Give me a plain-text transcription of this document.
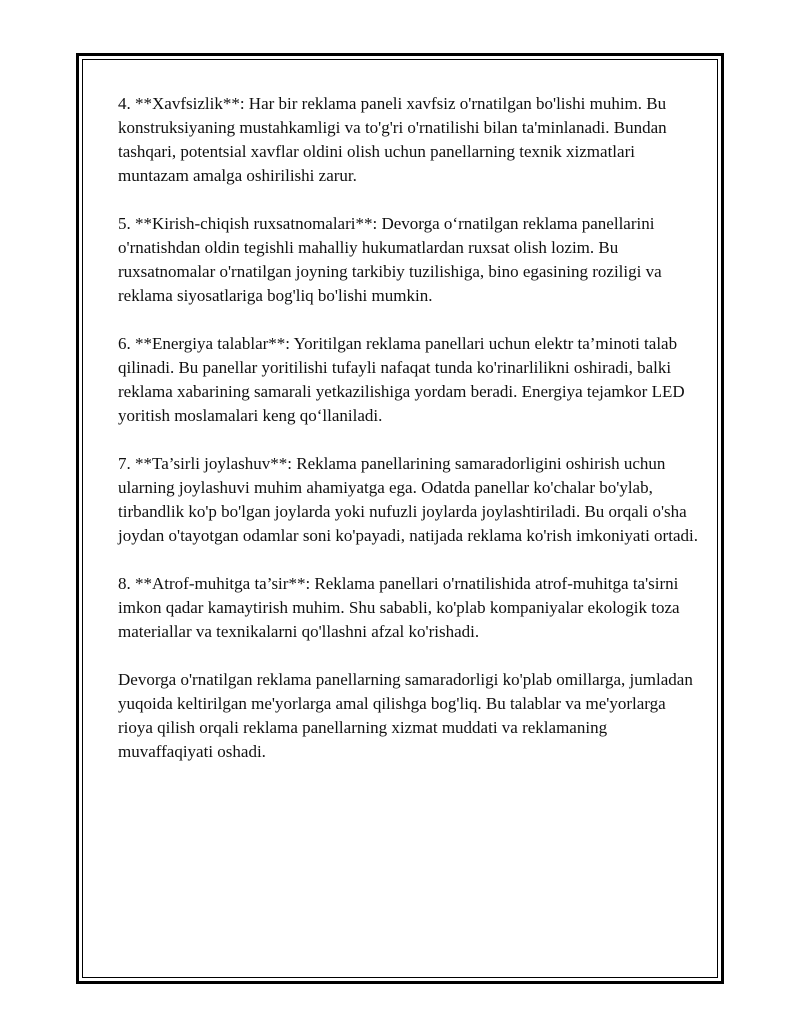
4. **Xavfsizlik**: Har bir reklama paneli xavfsiz o'rnatilgan bo'lishi muhim. Bu konstruksiyaning mustahkamligi va to'g'ri o'rnatilishi bilan ta'minlanadi. Bundan tashqari, potentsial xavflar oldini olish uchun panellarning texnik xizmatlari muntazam amalga oshirilishi zarur.

5. **Kirish-chiqish ruxsatnomalari**: Devorga o‘rnatilgan reklama panellarini o'rnatishdan oldin tegishli mahalliy hukumatlardan ruxsat olish lozim. Bu ruxsatnomalar o'rnatilgan joyning tarkibiy tuzilishiga, bino egasining roziligi va reklama siyosatlariga bog'liq bo'lishi mumkin.

6. **Energiya talablar**: Yoritilgan reklama panellari uchun elektr ta’minoti talab qilinadi. Bu panellar yoritilishi tufayli nafaqat tunda ko'rinarlilikni oshiradi, balki reklama xabarining samarali yetkazilishiga yordam beradi. Energiya tejamkor LED yoritish moslamalari keng qo‘llaniladi.

7. **Ta’sirli joylashuv**: Reklama panellarining samaradorligini oshirish uchun ularning joylashuvi muhim ahamiyatga ega. Odatda panellar ko'chalar bo'ylab, tirbandlik ko'p bo'lgan joylarda yoki nufuzli joylarda joylashtiriladi. Bu orqali o'sha joydan o'tayotgan odamlar soni ko'payadi, natijada reklama ko'rish imkoniyati ortadi.

8. **Atrof-muhitga ta’sir**: Reklama panellari o'rnatilishida atrof-muhitga ta'sirni imkon qadar kamaytirish muhim. Shu sababli, ko'plab kompaniyalar ekologik toza materiallar va texnikalarni qo'llashni afzal ko'rishadi.

Devorga o'rnatilgan reklama panellarning samaradorligi ko'plab omillarga, jumladan yuqoida keltirilgan me'yorlarga amal qilishga bog'liq. Bu talablar va me'yorlarga rioya qilish orqali reklama panellarning xizmat muddati va reklamaning muvaffaqiyati oshadi.
